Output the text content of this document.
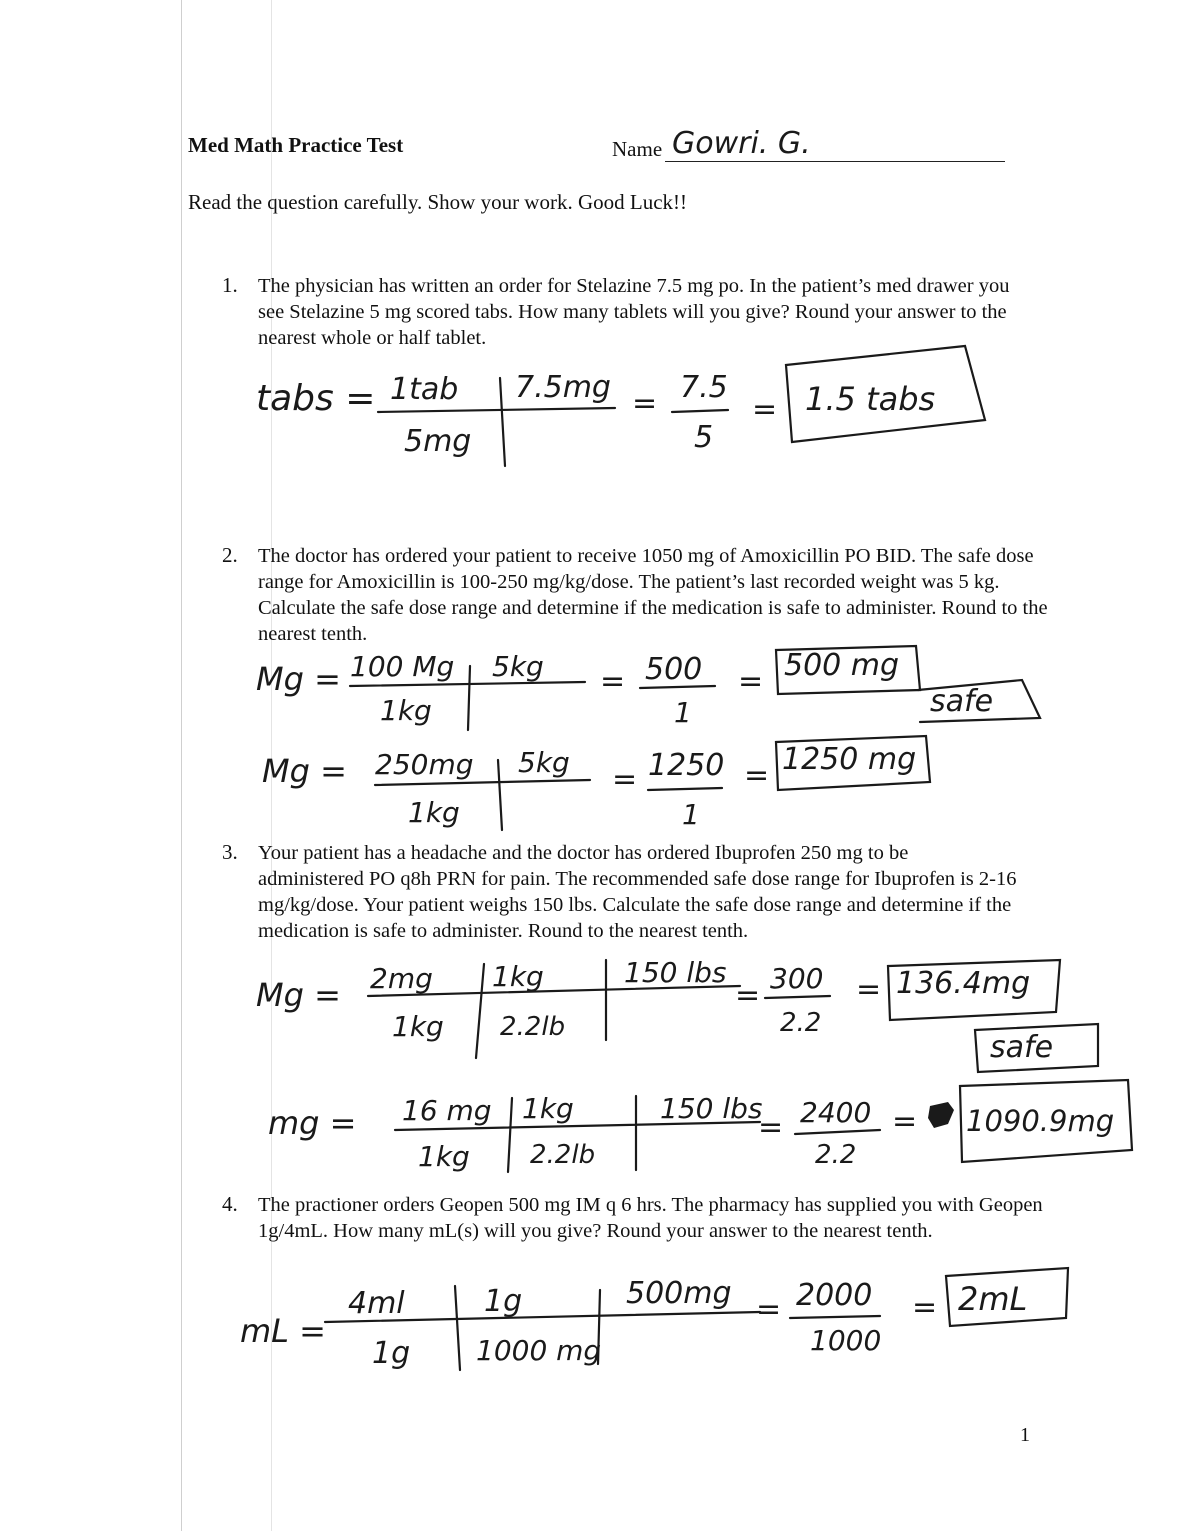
Med Math Practice Test	Name Gowri. G.
Read the question carefully. Show your work. Good Luck!!
1. The physician has written an order for Stelazine 7.5 mg po. In the patient’s med drawer you see Stelazine 5 mg scored tabs. How many tablets will you give? Round your answer to the nearest whole or half tablet.
2. The doctor has ordered your patient to receive 1050 mg of Amoxicillin PO BID. The safe dose range for Amoxicillin is 100-250 mg/kg/dose. The patient’s last recorded weight was 5 kg. Calculate the safe dose range and determine if the medication is safe to administer. Round to the nearest tenth.
3. Your patient has a headache and the doctor has ordered Ibuprofen 250 mg to be administered PO q8h PRN for pain. The recommended safe dose range for Ibuprofen is 2-16 mg/kg/dose. Your patient weighs 150 lbs. Calculate the safe dose range and determine if the medication is safe to administer. Round to the nearest tenth.
4. The practioner orders Geopen 500 mg IM q 6 hrs. The pharmacy has supplied you with Geopen 1g/4mL. How many mL(s) will you give? Round your answer to the nearest tenth.
tabs = 1tab
5mg
7.5mg = 7.5
5
= 1.5 tabs
Mg = 100 Mg
1kg
5kg = 500
1
= 500 mg
safe
Mg = 250mg
1kg
5kg = 1250
1
= 1250 mg
Mg = 2mg
1kg
1kg
2.2lb
150 lbs
= 300
2.2
= 136.4mg
safe
mg = 16 mg
1kg
1kg
2.2lb
150 lbs
= 2400
2.2
= 1090.9mg
mL =
4ml
1g
1g
1000 mg
500mg = 2000
1000
= 2mL
1
